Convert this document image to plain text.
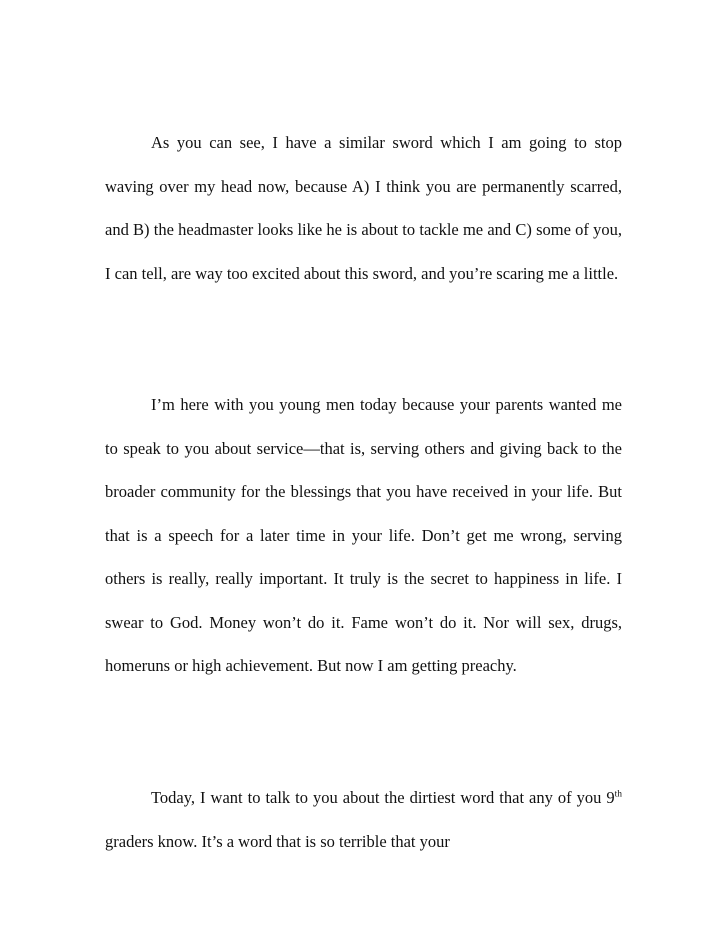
As you can see, I have a similar sword which I am going to stop waving over my head now, because A) I think you are permanently scarred, and B) the headmaster looks like he is about to tackle me and C) some of you, I can tell, are way too excited about this sword, and you’re scaring me a little.

I’m here with you young men today because your parents wanted me to speak to you about service—that is, serving others and giving back to the broader community for the blessings that you have received in your life. But that is a speech for a later time in your life. Don’t get me wrong, serving others is really, really important. It truly is the secret to happiness in life. I swear to God. Money won’t do it. Fame won’t do it. Nor will sex, drugs, homeruns or high achievement. But now I am getting preachy.

Today, I want to talk to you about the dirtiest word that any of you 9th graders know. It’s a word that is so terrible that your
